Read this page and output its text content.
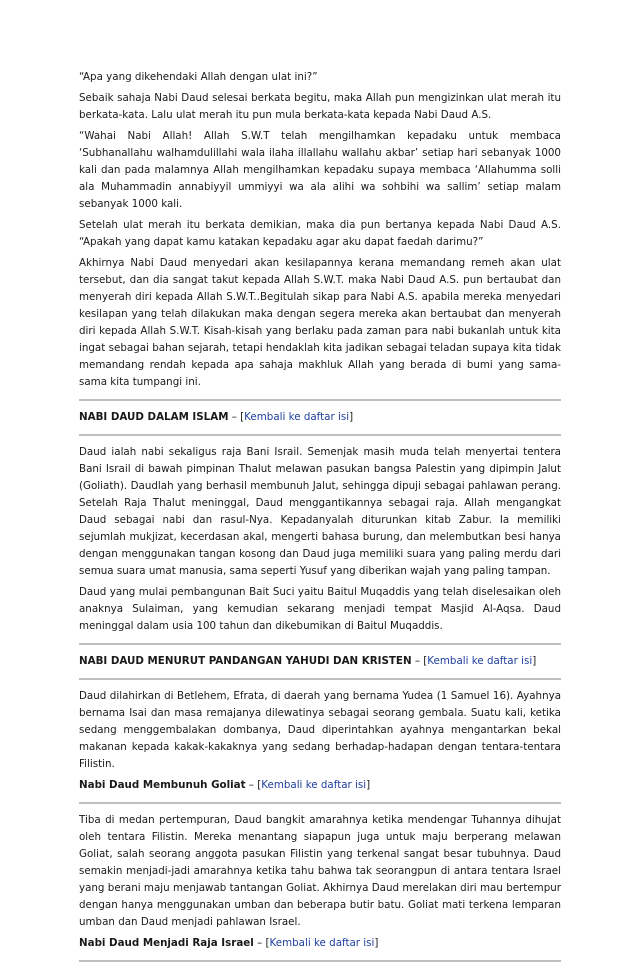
“Apa yang dikehendaki Allah dengan ulat ini?”

Sebaik sahaja Nabi Daud selesai berkata begitu, maka Allah pun mengizinkan ulat merah itu berkata-kata. Lalu ulat merah itu pun mula berkata-kata kepada Nabi Daud A.S.

“Wahai Nabi Allah! Allah S.W.T telah mengilhamkan kepadaku untuk membaca ‘Subhanallahu walhamdulillahi wala ilaha illallahu wallahu akbar’ setiap hari sebanyak 1000 kali dan pada malamnya Allah mengilhamkan kepadaku supaya membaca ‘Allahumma solli ala Muhammadin annabiyyil ummiyyi wa ala alihi wa sohbihi wa sallim’ setiap malam sebanyak 1000 kali.

Setelah ulat merah itu berkata demikian, maka dia pun bertanya kepada Nabi Daud A.S. “Apakah yang dapat kamu katakan kepadaku agar aku dapat faedah darimu?”

Akhirnya Nabi Daud menyedari akan kesilapannya kerana memandang remeh akan ulat tersebut, dan dia sangat takut kepada Allah S.W.T. maka Nabi Daud A.S. pun bertaubat dan menyerah diri kepada Allah S.W.T..Begitulah sikap para Nabi A.S. apabila mereka menyedari kesilapan yang telah dilakukan maka dengan segera mereka akan bertaubat dan menyerah diri kepada Allah S.W.T. Kisah-kisah yang berlaku pada zaman para nabi bukanlah untuk kita ingat sebagai bahan sejarah, tetapi hendaklah kita jadikan sebagai teladan supaya kita tidak memandang rendah kepada apa sahaja makhluk Allah yang berada di bumi yang sama-sama kita tumpangi ini.

NABI DAUD DALAM ISLAM – [Kembali ke daftar isi]

Daud ialah nabi sekaligus raja Bani Israil. Semenjak masih muda telah menyertai tentera Bani Israil di bawah pimpinan Thalut melawan pasukan bangsa Palestin yang dipimpin Jalut (Goliath). Daudlah yang berhasil membunuh Jalut, sehingga dipuji sebagai pahlawan perang. Setelah Raja Thalut meninggal, Daud menggantikannya sebagai raja. Allah mengangkat Daud sebagai nabi dan rasul-Nya. Kepadanyalah diturunkan kitab Zabur. Ia memiliki sejumlah mukjizat, kecerdasan akal, mengerti bahasa burung, dan melembutkan besi hanya dengan menggunakan tangan kosong dan Daud juga memiliki suara yang paling merdu dari semua suara umat manusia, sama seperti Yusuf yang diberikan wajah yang paling tampan.

Daud yang mulai pembangunan Bait Suci yaitu Baitul Muqaddis yang telah diselesaikan oleh anaknya Sulaiman, yang kemudian sekarang menjadi tempat Masjid Al-Aqsa. Daud meninggal dalam usia 100 tahun dan dikebumikan di Baitul Muqaddis.

NABI DAUD MENURUT PANDANGAN YAHUDI DAN KRISTEN – [Kembali ke daftar isi]

Daud dilahirkan di Betlehem, Efrata, di daerah yang bernama Yudea (1 Samuel 16). Ayahnya bernama Isai dan masa remajanya dilewatinya sebagai seorang gembala. Suatu kali, ketika sedang menggembalakan dombanya, Daud diperintahkan ayahnya mengantarkan bekal makanan kepada kakak-kakaknya yang sedang berhadap-hadapan dengan tentara-tentara Filistin.

Nabi Daud Membunuh Goliat – [Kembali ke daftar isi]

Tiba di medan pertempuran, Daud bangkit amarahnya ketika mendengar Tuhannya dihujat oleh tentara Filistin. Mereka menantang siapapun juga untuk maju berperang melawan Goliat, salah seorang anggota pasukan Filistin yang terkenal sangat besar tubuhnya. Daud semakin menjadi-jadi amarahnya ketika tahu bahwa tak seorangpun di antara tentara Israel yang berani maju menjawab tantangan Goliat. Akhirnya Daud merelakan diri mau bertempur dengan hanya menggunakan umban dan beberapa butir batu. Goliat mati terkena lemparan umban dan Daud menjadi pahlawan Israel.

Nabi Daud Menjadi Raja Israel – [Kembali ke daftar isi]
